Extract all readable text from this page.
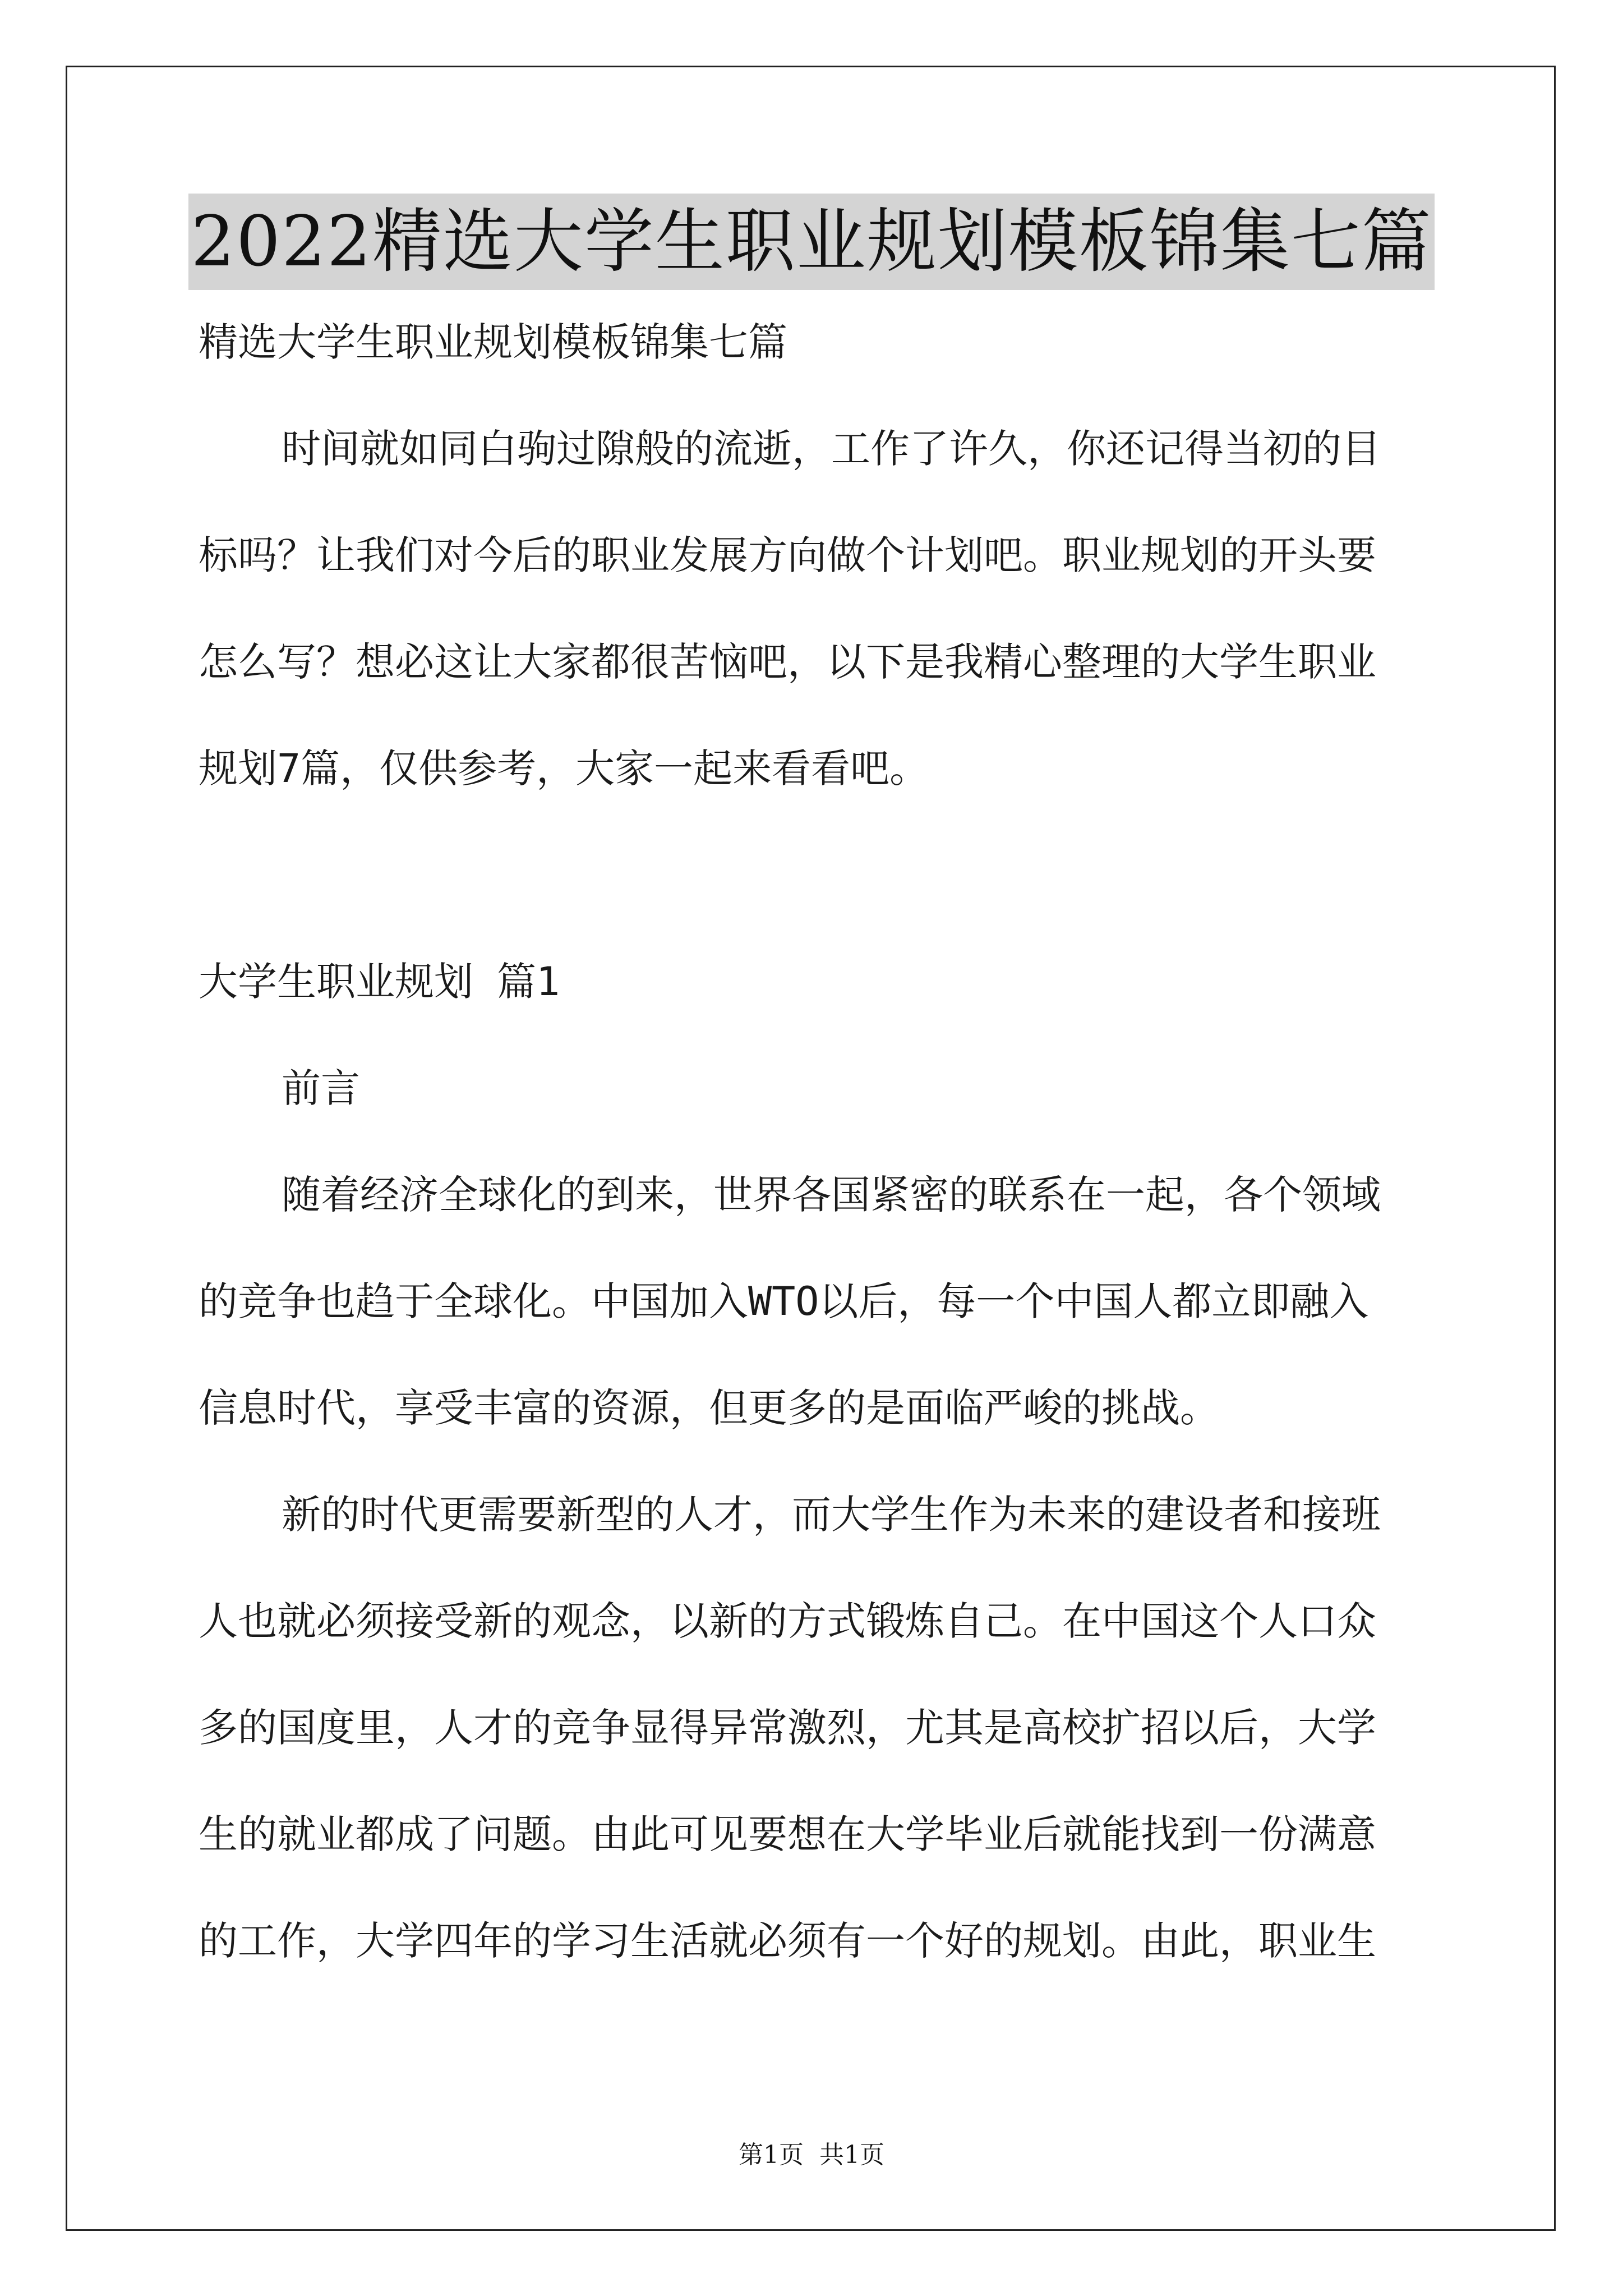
2022精选大学生职业规划模板锦集七篇
精选大学生职业规划模板锦集七篇
时间就如同白驹过隙般的流逝，工作了许久，你还记得当初的目
标吗？让我们对今后的职业发展方向做个计划吧。职业规划的开头要
怎么写？想必这让大家都很苦恼吧，以下是我精心整理的大学生职业
规划7篇，仅供参考，大家一起来看看吧。
大学生职业规划 篇1
前言
随着经济全球化的到来，世界各国紧密的联系在一起，各个领域
的竞争也趋于全球化。中国加入WTO以后，每一个中国人都立即融入
信息时代，享受丰富的资源，但更多的是面临严峻的挑战。
新的时代更需要新型的人才，而大学生作为未来的建设者和接班
人也就必须接受新的观念，以新的方式锻炼自己。在中国这个人口众
多的国度里，人才的竞争显得异常激烈，尤其是高校扩招以后，大学
生的就业都成了问题。由此可见要想在大学毕业后就能找到一份满意
的工作，大学四年的学习生活就必须有一个好的规划。由此，职业生
第1页  共1页
